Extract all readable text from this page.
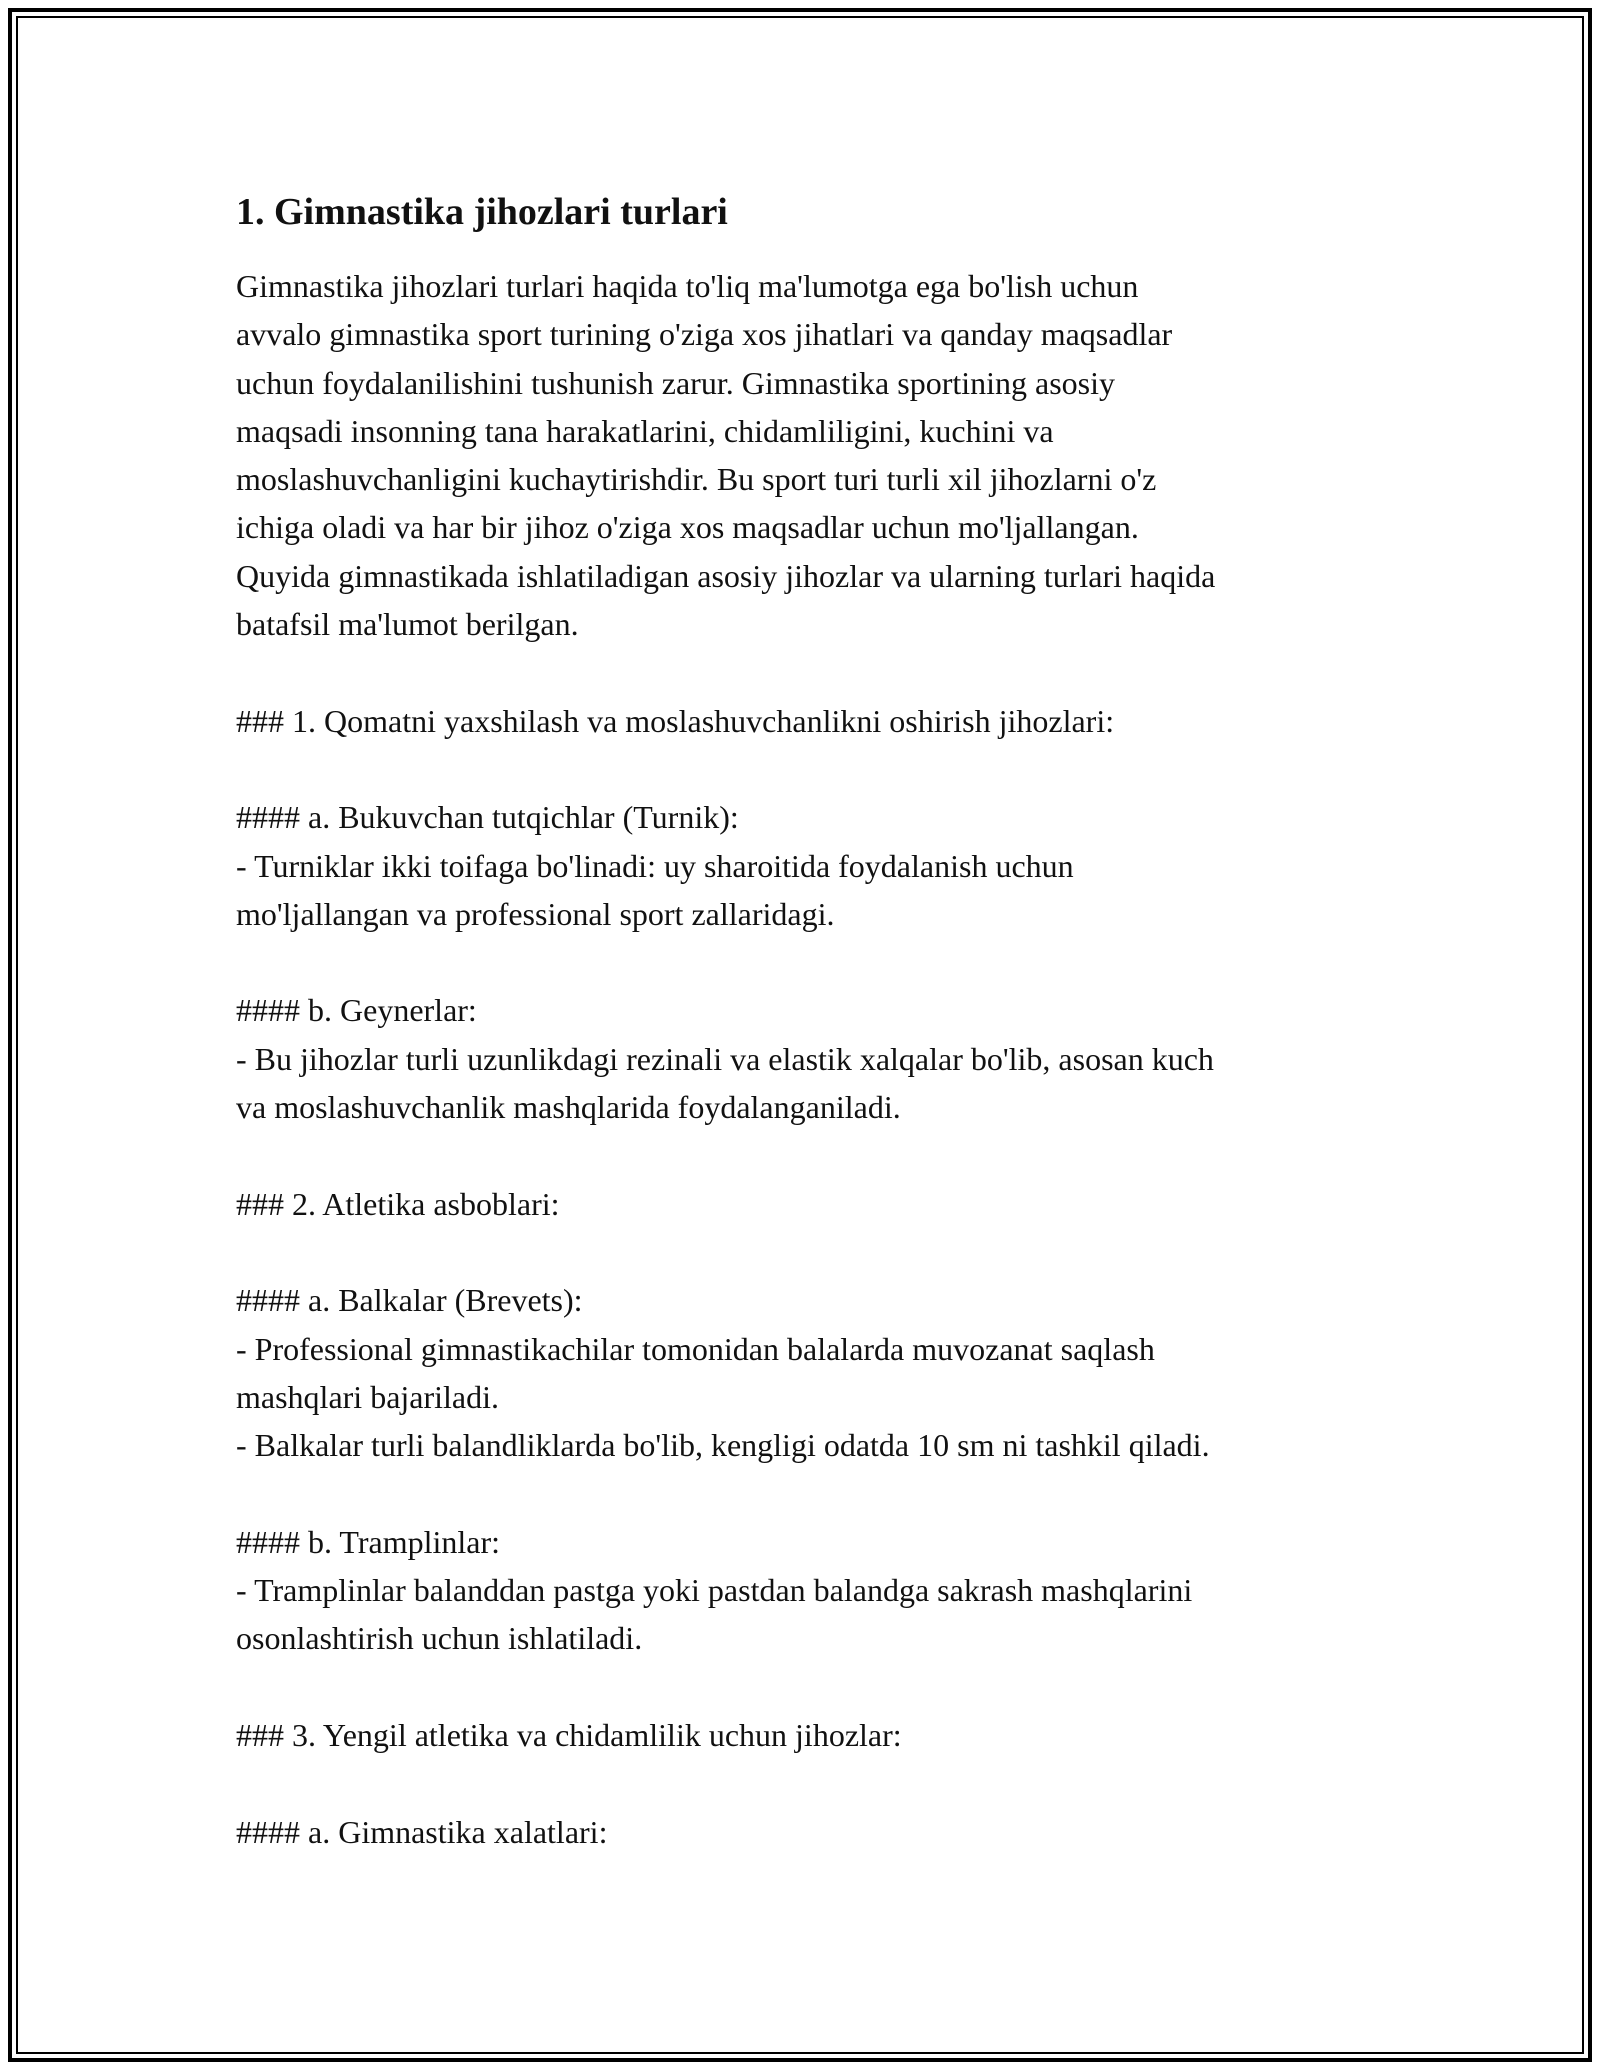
1. Gimnastika jihozlari turlari

Gimnastika jihozlari turlari haqida to'liq ma'lumotga ega bo'lish uchun
avvalo gimnastika sport turining o'ziga xos jihatlari va qanday maqsadlar
uchun foydalanilishini tushunish zarur. Gimnastika sportining asosiy
maqsadi insonning tana harakatlarini, chidamliligini, kuchini va
moslashuvchanligini kuchaytirishdir. Bu sport turi turli xil jihozlarni o'z
ichiga oladi va har bir jihoz o'ziga xos maqsadlar uchun mo'ljallangan.
Quyida gimnastikada ishlatiladigan asosiy jihozlar va ularning turlari haqida
batafsil ma'lumot berilgan.

### 1. Qomatni yaxshilash va moslashuvchanlikni oshirish jihozlari:

#### a. Bukuvchan tutqichlar (Turnik):
- Turniklar ikki toifaga bo'linadi: uy sharoitida foydalanish uchun
mo'ljallangan va professional sport zallaridagi.

#### b. Geynerlar:
- Bu jihozlar turli uzunlikdagi rezinali va elastik xalqalar bo'lib, asosan kuch
va moslashuvchanlik mashqlarida foydalanganiladi.

### 2. Atletika asboblari:

#### a. Balkalar (Brevets):
- Professional gimnastikachilar tomonidan balalarda muvozanat saqlash
mashqlari bajariladi.
- Balkalar turli balandliklarda bo'lib, kengligi odatda 10 sm ni tashkil qiladi.

#### b. Tramplinlar:
- Tramplinlar balanddan pastga yoki pastdan balandga sakrash mashqlarini
osonlashtirish uchun ishlatiladi.

### 3. Yengil atletika va chidamlilik uchun jihozlar:

#### a. Gimnastika xalatlari:
